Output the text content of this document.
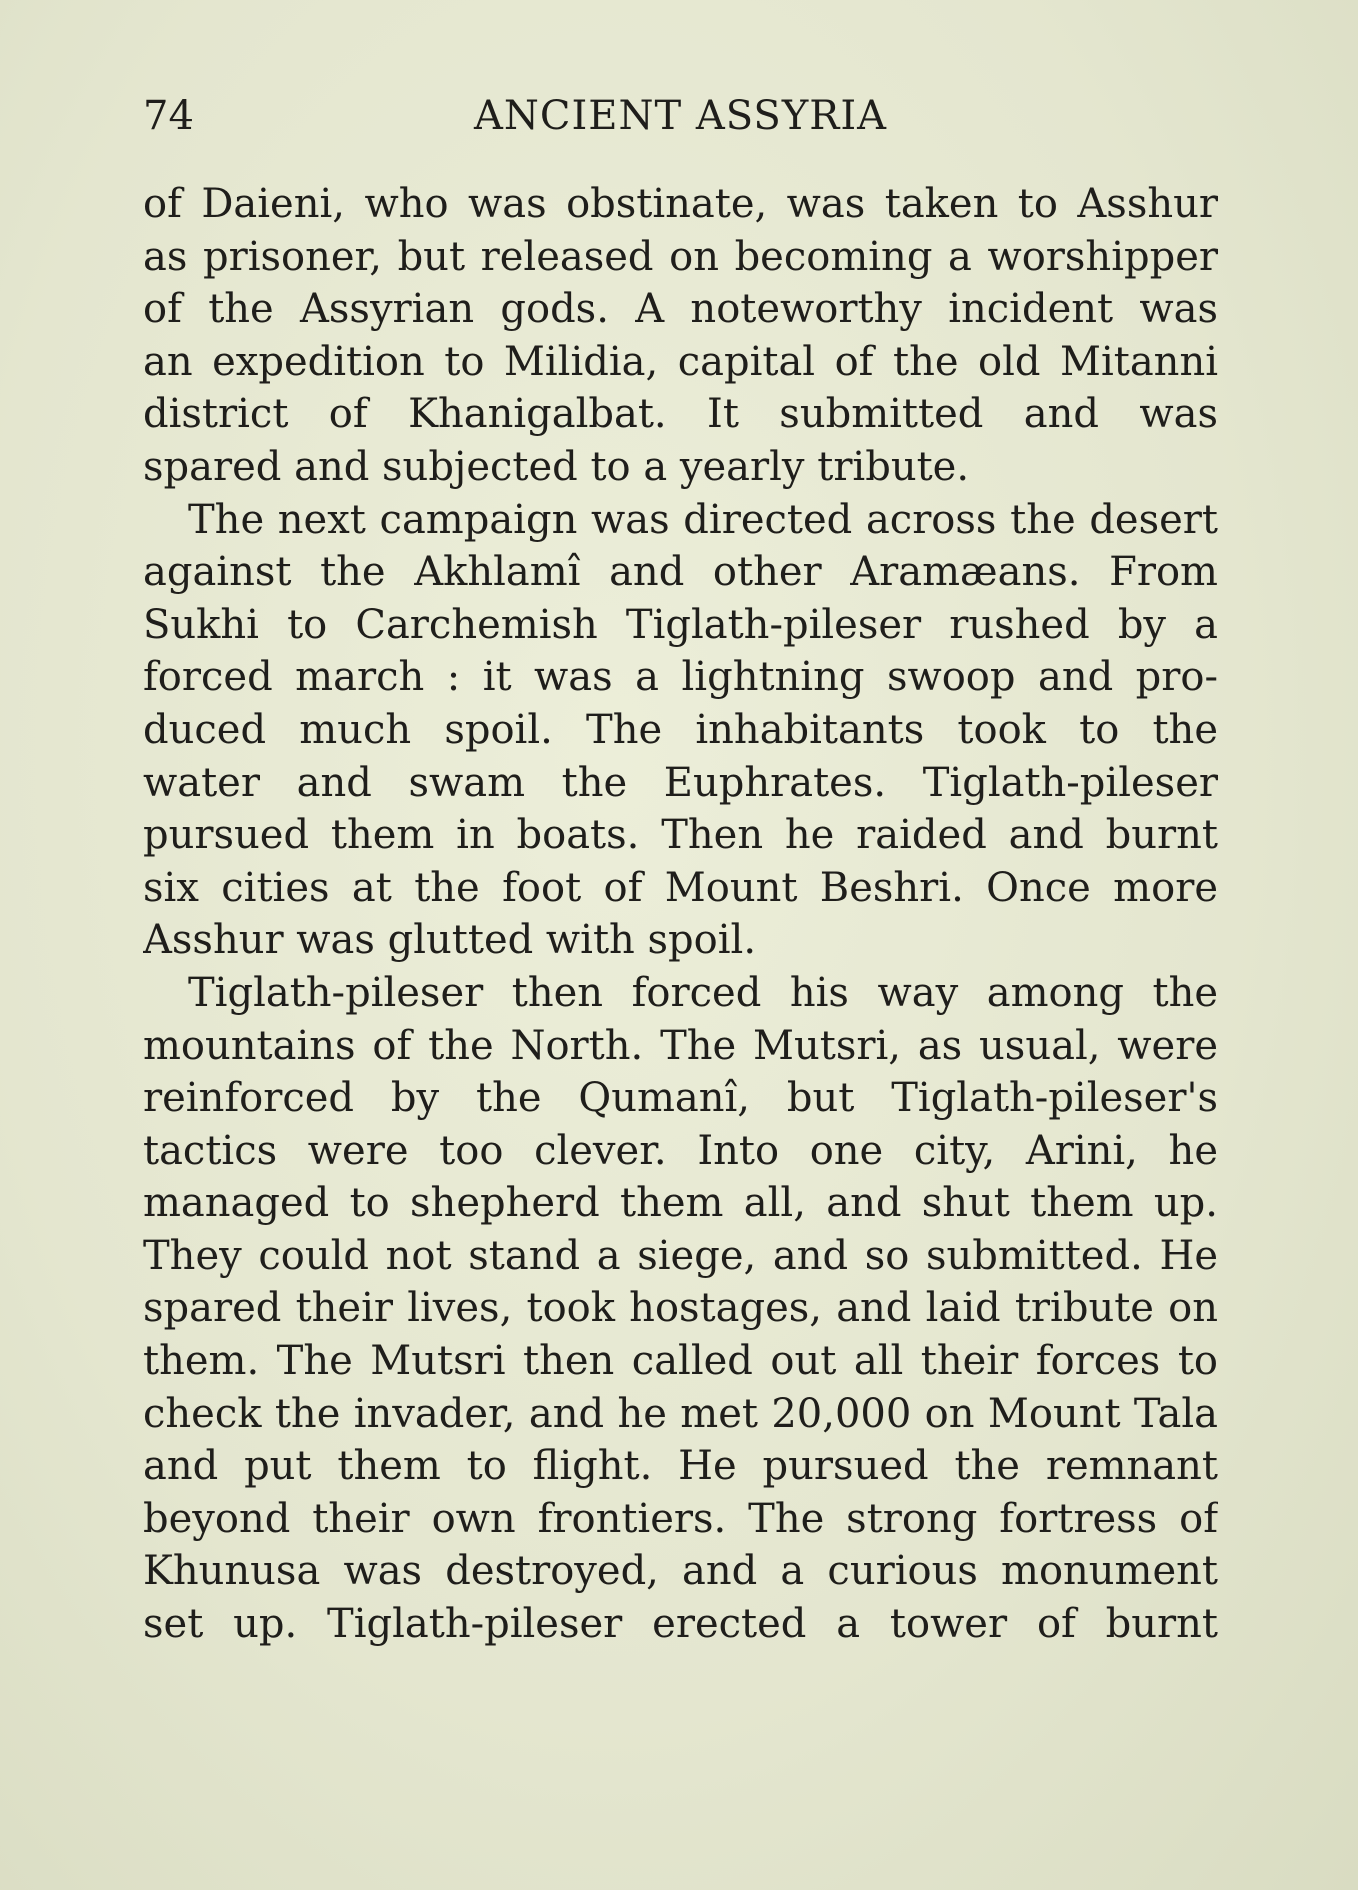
74	ANCIENT ASSYRIA
of Daieni, who was obstinate, was taken to Asshur
as prisoner, but released on becoming a worshipper
of the Assyrian gods. A noteworthy incident was
an expedition to Milidia, capital of the old Mitanni
district of Khanigalbat. It submitted and was
spared and subjected to a yearly tribute.
The next campaign was directed across the desert
against the Akhlamî and other Aramæans. From
Sukhi to Carchemish Tiglath-pileser rushed by a
forced march : it was a lightning swoop and pro-
duced much spoil. The inhabitants took to the
water and swam the Euphrates. Tiglath-pileser
pursued them in boats. Then he raided and burnt
six cities at the foot of Mount Beshri. Once more
Asshur was glutted with spoil.
Tiglath-pileser then forced his way among the
mountains of the North. The Mutsri, as usual, were
reinforced by the Qumanî, but Tiglath-pileser's
tactics were too clever. Into one city, Arini, he
managed to shepherd them all, and shut them up.
They could not stand a siege, and so submitted. He
spared their lives, took hostages, and laid tribute on
them. The Mutsri then called out all their forces to
check the invader, and he met 20,000 on Mount Tala
and put them to flight. He pursued the remnant
beyond their own frontiers. The strong fortress of
Khunusa was destroyed, and a curious monument
set up. Tiglath-pileser erected a tower of burnt
